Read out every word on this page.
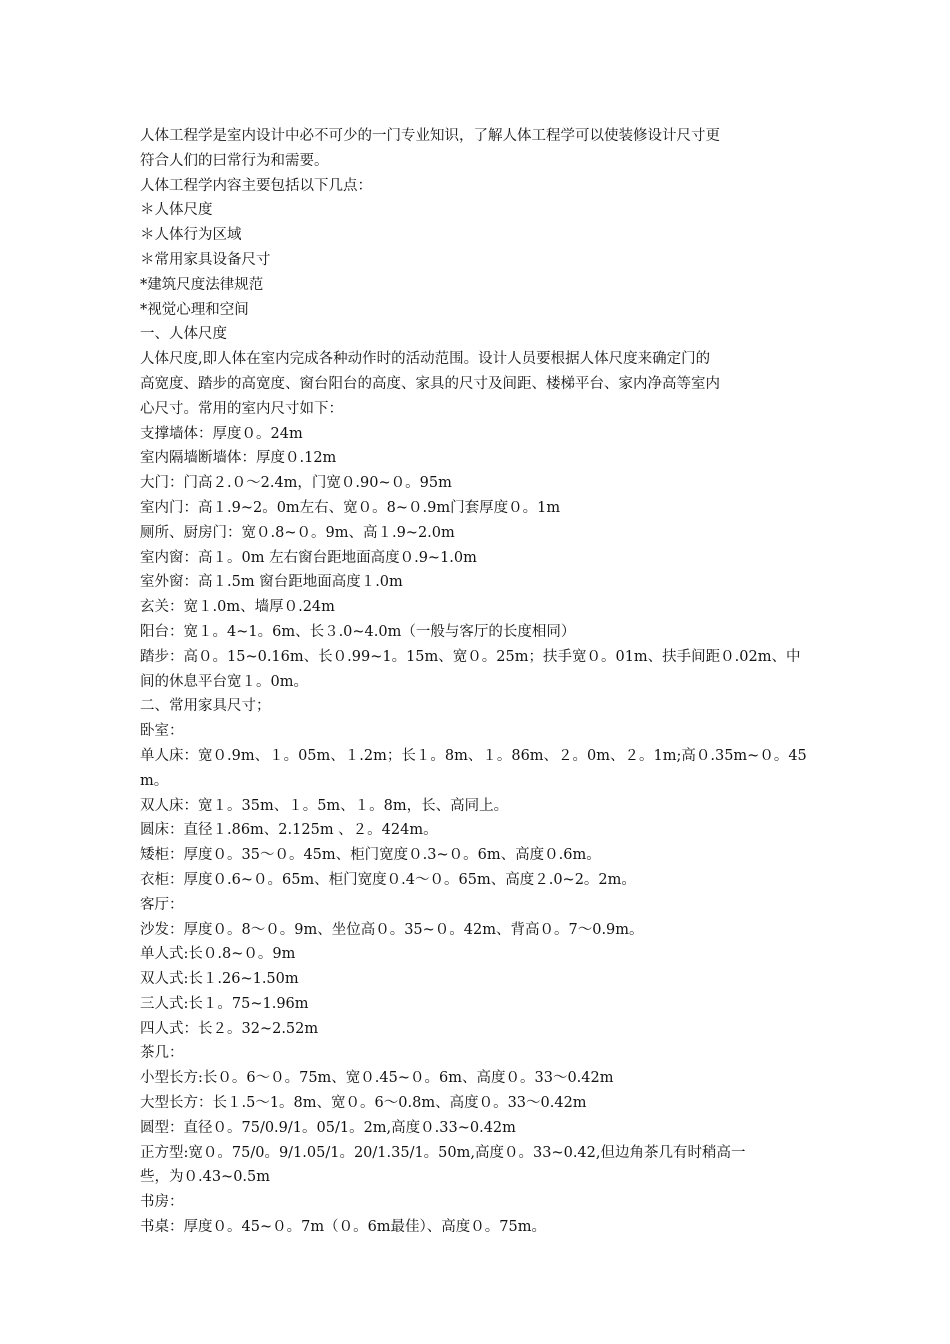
人体工程学是室内设计中必不可少的一门专业知识，了解人体工程学可以使装修设计尺寸更

符合人们的曰常行为和需要。

人体工程学内容主要包括以下几点：

＊人体尺度

＊人体行为区域

＊常用家具设备尺寸

*建筑尺度法律规范

*视觉心理和空间

一、人体尺度

人体尺度,即人体在室内完成各种动作时的活动范围。设计人员要根据人体尺度来确定门的

高宽度、踏步的高宽度、窗台阳台的高度、家具的尺寸及间距、楼梯平台、家内净高等室内

心尺寸。常用的室内尺寸如下：

支撑墙体：厚度０。24m

室内隔墙断墙体：厚度０.12m

大门：门高２.０～2.4m，门宽０.90~０。95m

室内门：高１.9~2。0m左右、宽０。8~０.9m门套厚度０。1m

厕所、厨房门：宽０.8~０。9m、高１.9~2.0m

室内窗：高１。0m 左右窗台距地面高度０.9~1.0m

室外窗：高１.5m 窗台距地面高度１.0m

玄关：宽１.0m、墙厚０.24m

阳台：宽１。4~1。6m、长３.0~4.0m（一般与客厅的长度相同）

踏步：高０。15~0.16m、长０.99~1。15m、宽０。25m；扶手宽０。01m、扶手间距０.02m、中

间的休息平台宽１。0m。

二、常用家具尺寸；

卧室：

单人床：宽０.9m、１。05m、１.2m；长１。8m、１。86m、２。0m、２。1m;高０.35m~０。45m。

双人床：宽１。35m、１。5m、１。8m，长、高同上。

圆床：直径１.86m、2.125m 、２。424m。

矮柜：厚度０。35～０。45m、柜门宽度０.3~０。6m、高度０.6m。

衣柜：厚度０.6~０。65m、柜门宽度０.4～０。65m、高度２.0~2。2m。

客厅：

沙发：厚度０。8～０。9m、坐位高０。35~０。42m、背高０。7～0.9m。

单人式:长０.8~０。9m

双人式:长１.26~1.50m

三人式:长１。75~1.96m

四人式：长２。32~2.52m

茶几：

小型长方:长０。6～０。75m、宽０.45~０。6m、高度０。33～0.42m

大型长方：长１.5～1。8m、宽０。6～0.8m、高度０。33～0.42m

圆型：直径０。75/0.9/1。05/1。2m,高度０.33~0.42m

正方型:宽０。75/0。9/1.05/1。20/1.35/1。50m,高度０。33~0.42,但边角茶几有时稍高一

些，为０.43~0.5m

书房：

书桌：厚度０。45~０。7m（０。6m最佳）、高度０。75m。
